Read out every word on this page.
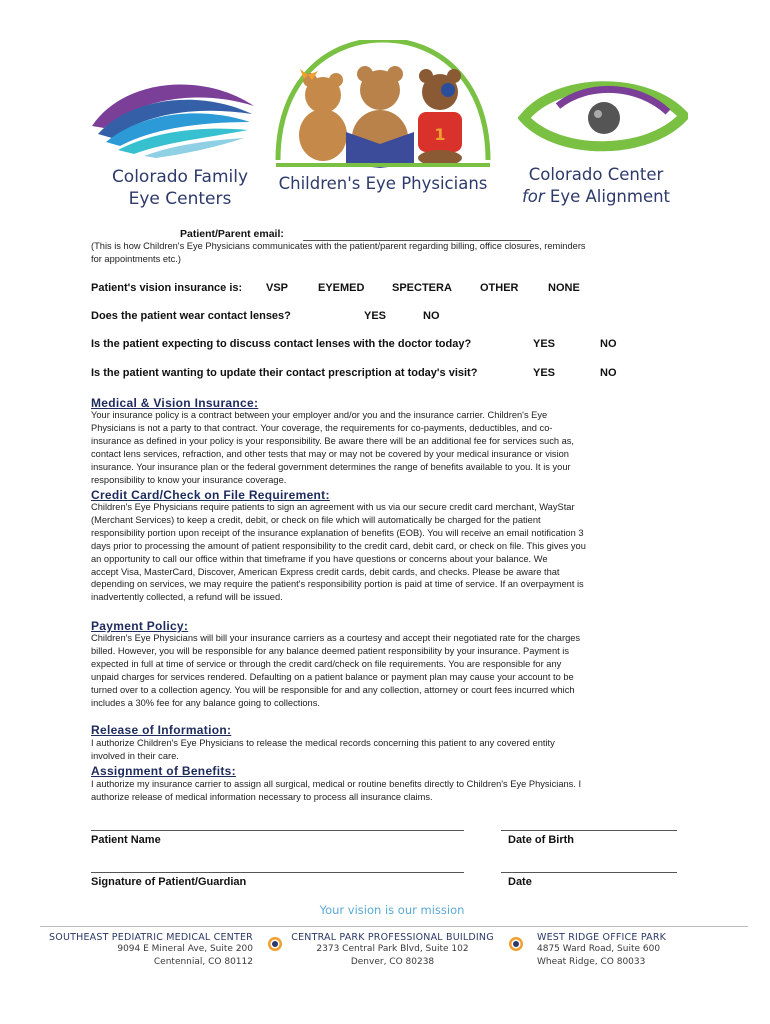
Colorado Family
Eye Centers
1
Children's Eye Physicians	Colorado Center
for Eye Alignment
Patient/Parent email:
(This is how Children's Eye Physicians communicates with the patient/parent regarding billing, office closures, reminders
for appointments etc.)
Patient's vision insurance is: VSP	EYEMED	SPECTERA	OTHER	NONE
Does the patient wear contact lenses?	YES	NO
Is the patient expecting to discuss contact lenses with the doctor today?	YES	NO
Is the patient wanting to update their contact prescription at today's visit?	YES	NO
Medical & Vision Insurance:
Your insurance policy is a contract between your employer and/or you and the insurance carrier. Children's Eye
Physicians is not a party to that contract. Your coverage, the requirements for co-payments, deductibles, and co-
insurance as defined in your policy is your responsibility. Be aware there will be an additional fee for services such as,
contact lens services, refraction, and other tests that may or may not be covered by your medical insurance or vision
insurance. Your insurance plan or the federal government determines the range of benefits available to you. It is your
responsibility to know your insurance coverage.
Credit Card/Check on File Requirement:
Children's Eye Physicians require patients to sign an agreement with us via our secure credit card merchant, WayStar
(Merchant Services) to keep a credit, debit, or check on file which will automatically be charged for the patient
responsibility portion upon receipt of the insurance explanation of benefits (EOB). You will receive an email notification 3
days prior to processing the amount of patient responsibility to the credit card, debit card, or check on file. This gives you
an opportunity to call our office within that timeframe if you have questions or concerns about your balance. We
accept Visa, MasterCard, Discover, American Express credit cards, debit cards, and checks. Please be aware that
depending on services, we may require the patient's responsibility portion is paid at time of service. If an overpayment is
inadvertently collected, a refund will be issued.
Payment Policy:
Children's Eye Physicians will bill your insurance carriers as a courtesy and accept their negotiated rate for the charges
billed. However, you will be responsible for any balance deemed patient responsibility by your insurance. Payment is
expected in full at time of service or through the credit card/check on file requirements. You are responsible for any
unpaid charges for services rendered. Defaulting on a patient balance or payment plan may cause your account to be
turned over to a collection agency. You will be responsible for and any collection, attorney or court fees incurred which
includes a 30% fee for any balance going to collections.
Release of Information:
I authorize Children's Eye Physicians to release the medical records concerning this patient to any covered entity
involved in their care.
Assignment of Benefits:
I authorize my insurance carrier to assign all surgical, medical or routine benefits directly to Children's Eye Physicians. I
authorize release of medical information necessary to process all insurance claims.
Patient Name	Date of Birth
Signature of Patient/Guardian	Date
Your vision is our mission
SOUTHEAST PEDIATRIC MEDICAL CENTER
9094 E Mineral Ave, Suite 200
Centennial, CO 80112
CENTRAL PARK PROFESSIONAL BUILDING
2373 Central Park Blvd, Suite 102
Denver, CO 80238
WEST RIDGE OFFICE PARK
4875 Ward Road, Suite 600
Wheat Ridge, CO 80033
